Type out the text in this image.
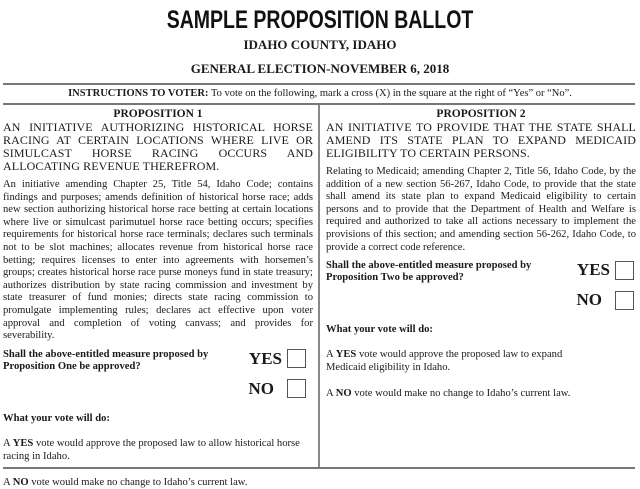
SAMPLE PROPOSITION BALLOT
IDAHO COUNTY, IDAHO
GENERAL ELECTION-NOVEMBER 6, 2018
INSTRUCTIONS TO VOTER: To vote on the following, mark a cross (X) in the square at the right of “Yes” or “No”.
PROPOSITION 1
AN INITIATIVE AUTHORIZING HISTORICAL HORSE RACING AT CERTAIN LOCATIONS WHERE LIVE OR SIMULCAST HORSE RACING OCCURS AND ALLOCATING REVENUE THEREFROM.
An initiative amending Chapter 25, Title 54, Idaho Code; contains findings and purposes; amends definition of historical horse race; adds new section authorizing historical horse race betting at certain locations where live or simulcast parimutuel horse race betting occurs; specifies requirements for historical horse race terminals; declares such terminals not to be slot machines; allocates revenue from historical horse race betting; requires licenses to enter into agreements with horsemen’s groups; creates historical horse race purse moneys fund in state treasury; authorizes distribution by state racing commission and investment by state treasurer of fund monies; directs state racing commission to promulgate implementing rules; declares act effective upon voter approval and completion of voting canvass; and provides for severability.
Shall the above-entitled measure proposed by Proposition One be approved?	YES
NO
What your vote will do:
A YES vote would approve the proposed law to allow historical horse racing in Idaho.
A NO vote would make no change to Idaho’s current law.
PROPOSITION 2
AN INITIATIVE TO PROVIDE THAT THE STATE SHALL AMEND ITS STATE PLAN TO EXPAND MEDICAID ELIGIBILITY TO CERTAIN PERSONS.
Relating to Medicaid; amending Chapter 2, Title 56, Idaho Code, by the addition of a new section 56-267, Idaho Code, to provide that the state shall amend its state plan to expand Medicaid eligibility to certain persons and to provide that the Department of Health and Welfare is required and authorized to take all actions necessary to implement the provisions of this section; and amending section 56-262, Idaho Code, to provide a correct code reference.
Shall the above-entitled measure proposed by Proposition Two be approved?	YES
NO
What your vote will do:
A YES vote would approve the proposed law to expand Medicaid eligibility in Idaho.
A NO vote would make no change to Idaho’s current law.
